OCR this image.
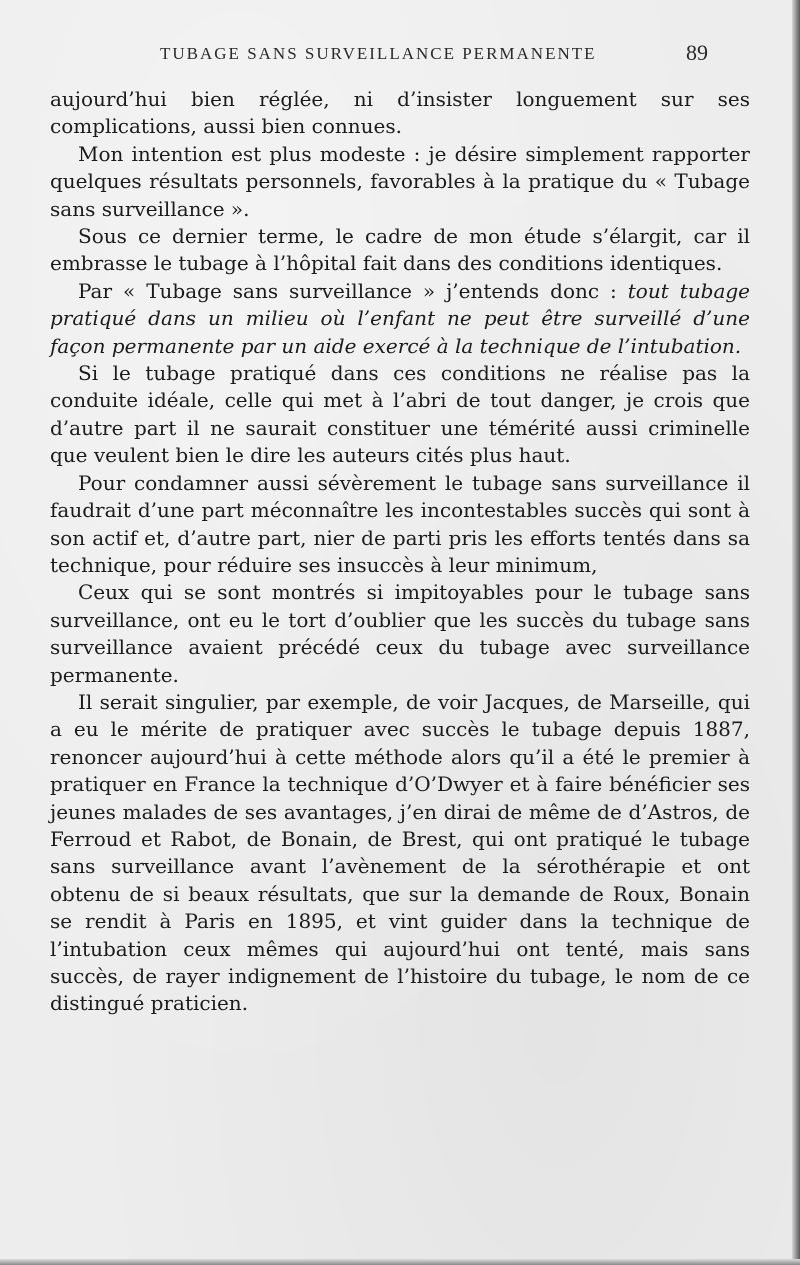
TUBAGE SANS SURVEILLANCE PERMANENTE	89

aujourd’hui bien réglée, ni d’insister longuement sur ses complications, aussi bien connues.

Mon intention est plus modeste : je désire simplement rapporter quelques résultats personnels, favorables à la pratique du « Tubage sans surveillance ».

Sous ce dernier terme, le cadre de mon étude s’élargit, car il embrasse le tubage à l’hôpital fait dans des conditions identiques.

Par « Tubage sans surveillance » j’entends donc : tout tubage pratiqué dans un milieu où l’enfant ne peut être surveillé d’une façon permanente par un aide exercé à la technique de l’intubation.

Si le tubage pratiqué dans ces conditions ne réalise pas la conduite idéale, celle qui met à l’abri de tout danger, je crois que d’autre part il ne saurait constituer une témérité aussi criminelle que veulent bien le dire les auteurs cités plus haut.

Pour condamner aussi sévèrement le tubage sans surveillance il faudrait d’une part méconnaître les incontestables succès qui sont à son actif et, d’autre part, nier de parti pris les efforts tentés dans sa technique, pour réduire ses insuccès à leur minimum,

Ceux qui se sont montrés si impitoyables pour le tubage sans surveillance, ont eu le tort d’oublier que les succès du tubage sans surveillance avaient précédé ceux du tubage avec surveillance permanente.

Il serait singulier, par exemple, de voir Jacques, de Marseille, qui a eu le mérite de pratiquer avec succès le tubage depuis 1887, renoncer aujourd’hui à cette méthode alors qu’il a été le premier à pratiquer en France la technique d’O’Dwyer et à faire bénéficier ses jeunes malades de ses avantages, j’en dirai de même de d’Astros, de Ferroud et Rabot, de Bonain, de Brest, qui ont pratiqué le tubage sans surveillance avant l’avènement de la sérothérapie et ont obtenu de si beaux résultats, que sur la demande de Roux, Bonain se rendit à Paris en 1895, et vint guider dans la technique de l’intubation ceux mêmes qui aujourd’hui ont tenté, mais sans succès, de rayer indignement de l’histoire du tubage, le nom de ce distingué praticien.
